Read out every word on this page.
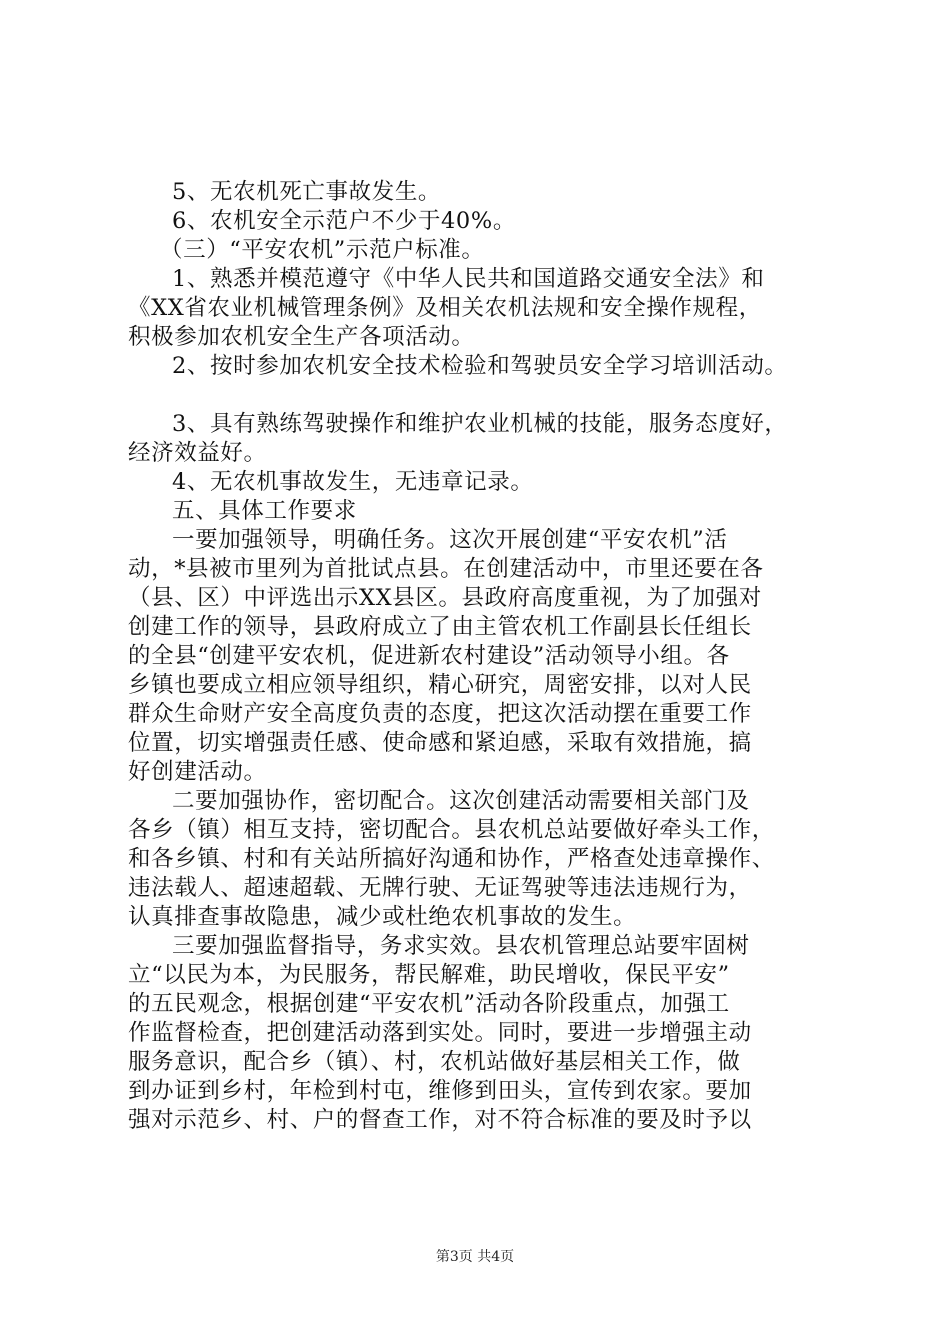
5、无农机死亡事故发生。
6、农机安全示范户不少于40%。
（三）“平安农机”示范户标准。
1、熟悉并模范遵守《中华人民共和国道路交通安全法》和
《XX省农业机械管理条例》及相关农机法规和安全操作规程，
积极参加农机安全生产各项活动。
2、按时参加农机安全技术检验和驾驶员安全学习培训活动。
3、具有熟练驾驶操作和维护农业机械的技能，服务态度好，
经济效益好。
4、无农机事故发生，无违章记录。
五、具体工作要求
一要加强领导，明确任务。这次开展创建“平安农机”活
动，*县被市里列为首批试点县。在创建活动中，市里还要在各
（县、区）中评选出示XX县区。县政府高度重视，为了加强对
创建工作的领导，县政府成立了由主管农机工作副县长任组长
的全县“创建平安农机，促进新农村建设”活动领导小组。各
乡镇也要成立相应领导组织，精心研究，周密安排，以对人民
群众生命财产安全高度负责的态度，把这次活动摆在重要工作
位置，切实增强责任感、使命感和紧迫感，采取有效措施，搞
好创建活动。
二要加强协作，密切配合。这次创建活动需要相关部门及
各乡（镇）相互支持，密切配合。县农机总站要做好牵头工作，
和各乡镇、村和有关站所搞好沟通和协作，严格查处违章操作、
违法载人、超速超载、无牌行驶、无证驾驶等违法违规行为，
认真排查事故隐患，减少或杜绝农机事故的发生。
三要加强监督指导，务求实效。县农机管理总站要牢固树
立“以民为本，为民服务，帮民解难，助民增收，保民平安”
的五民观念，根据创建“平安农机”活动各阶段重点，加强工
作监督检查，把创建活动落到实处。同时，要进一步增强主动
服务意识，配合乡（镇）、村，农机站做好基层相关工作，做
到办证到乡村，年检到村屯，维修到田头，宣传到农家。要加
强对示范乡、村、户的督查工作，对不符合标准的要及时予以
第3页 共4页
